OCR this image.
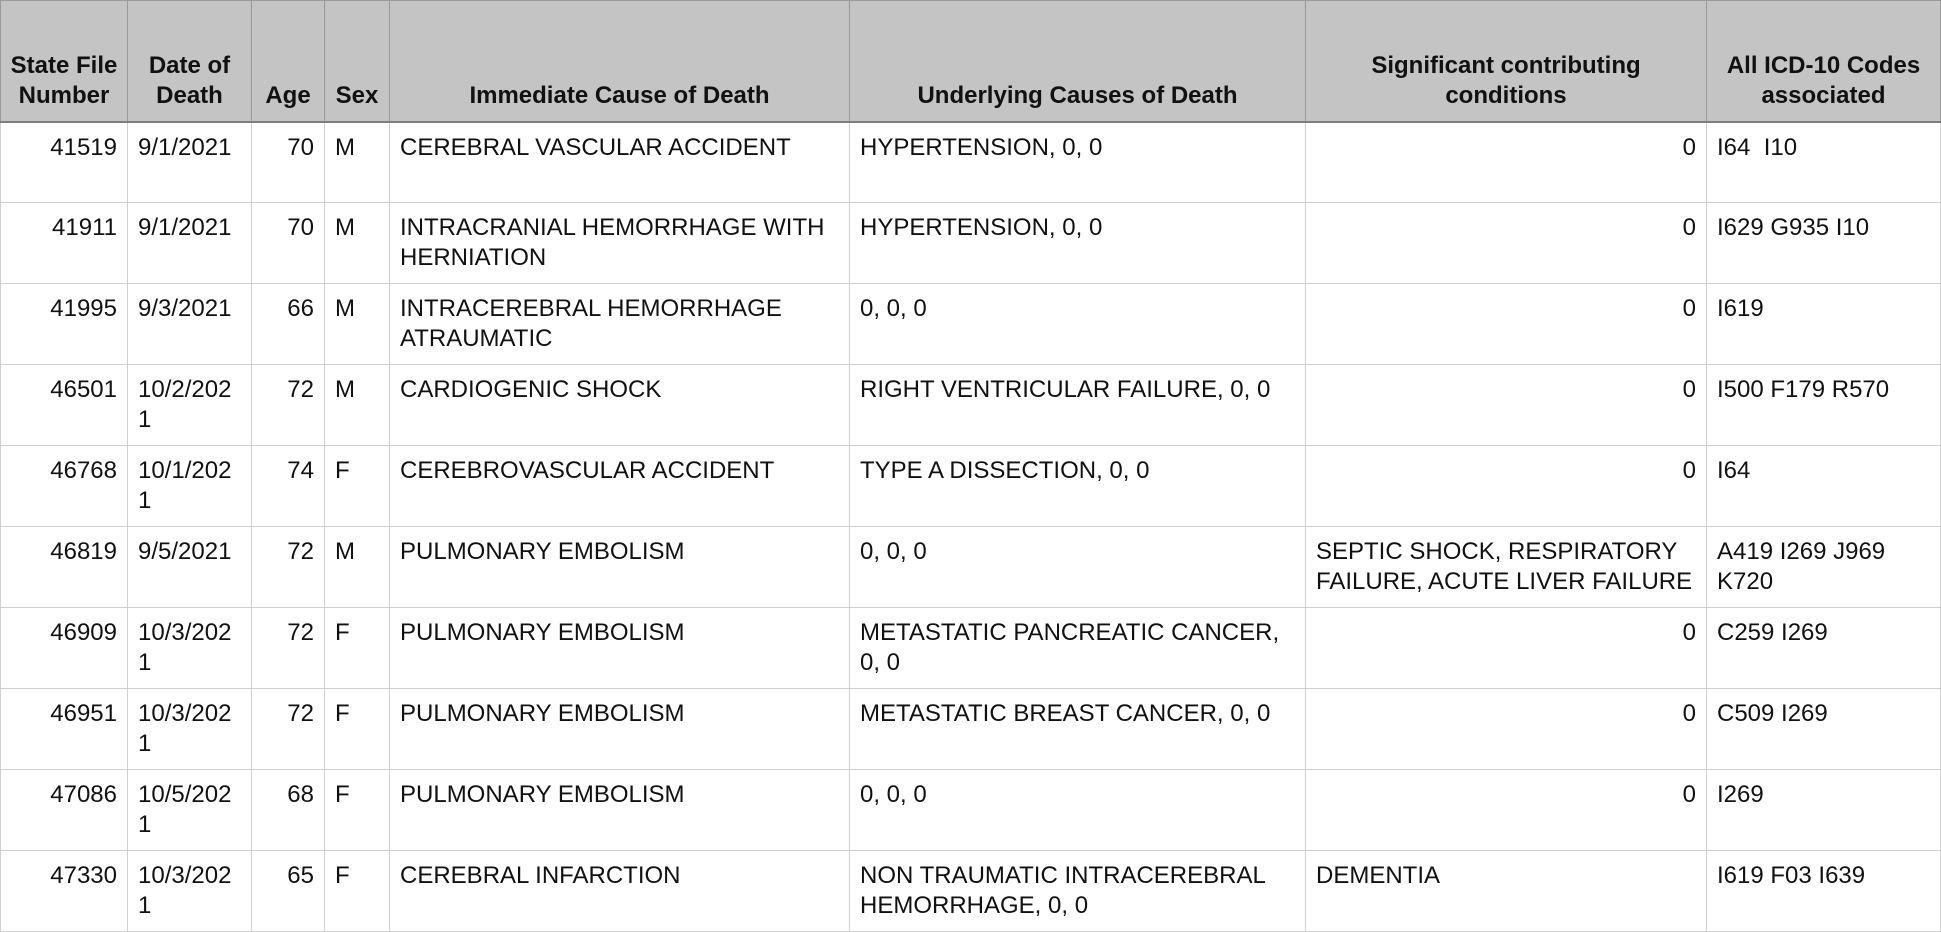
State File Number	Date of Death	Age	Sex	Immediate Cause of Death	Underlying Causes of Death	Significant contributing conditions	All ICD-10 Codes associated
41519	9/1/2021	70	M	CEREBRAL VASCULAR ACCIDENT	HYPERTENSION, 0, 0	0	I64  I10
41911	9/1/2021	70	M	INTRACRANIAL HEMORRHAGE WITH HERNIATION	HYPERTENSION, 0, 0	0	I629 G935 I10
41995	9/3/2021	66	M	INTRACEREBRAL HEMORRHAGE ATRAUMATIC	0, 0, 0	0	I619
46501	10/2/2021	72	M	CARDIOGENIC SHOCK	RIGHT VENTRICULAR FAILURE, 0, 0	0	I500 F179 R570
46768	10/1/2021	74	F	CEREBROVASCULAR ACCIDENT	TYPE A DISSECTION, 0, 0	0	I64
46819	9/5/2021	72	M	PULMONARY EMBOLISM	0, 0, 0	SEPTIC SHOCK, RESPIRATORY FAILURE, ACUTE LIVER FAILURE	A419 I269 J969 K720
46909	10/3/2021	72	F	PULMONARY EMBOLISM	METASTATIC PANCREATIC CANCER, 0, 0	0	C259 I269
46951	10/3/2021	72	F	PULMONARY EMBOLISM	METASTATIC BREAST CANCER, 0, 0	0	C509 I269
47086	10/5/2021	68	F	PULMONARY EMBOLISM	0, 0, 0	0	I269
47330	10/3/2021	65	F	CEREBRAL INFARCTION	NON TRAUMATIC INTRACEREBRAL HEMORRHAGE, 0, 0	DEMENTIA	I619 F03 I639
